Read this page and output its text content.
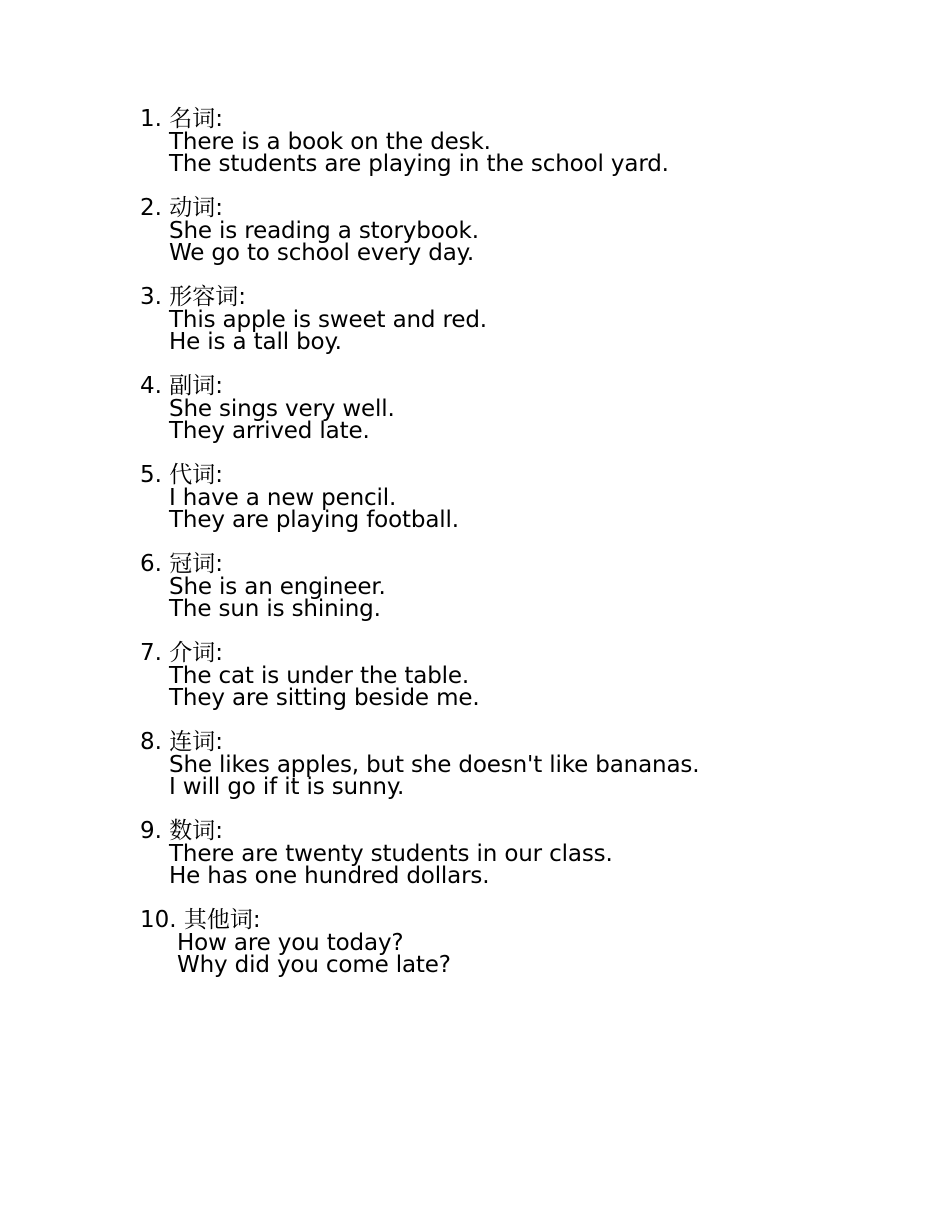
1. 名词:
There is a book on the desk.
The students are playing in the school yard.
2. 动词:
She is reading a storybook.
We go to school every day.
3. 形容词:
This apple is sweet and red.
He is a tall boy.
4. 副词:
She sings very well.
They arrived late.
5. 代词:
I have a new pencil.
They are playing football.
6. 冠词:
She is an engineer.
The sun is shining.
7. 介词:
The cat is under the table.
They are sitting beside me.
8. 连词:
She likes apples, but she doesn't like bananas.
I will go if it is sunny.
9. 数词:
There are twenty students in our class.
He has one hundred dollars.
10. 其他词:
How are you today?
Why did you come late?
